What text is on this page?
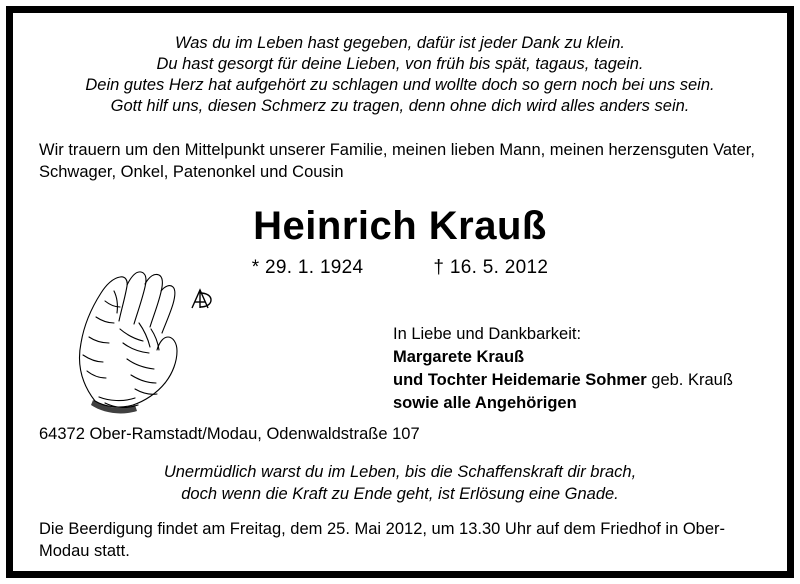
Was du im Leben hast gegeben, dafür ist jeder Dank zu klein.
Du hast gesorgt für deine Lieben, von früh bis spät, tagaus, tagein.
Dein gutes Herz hat aufgehört zu schlagen und wollte doch so gern noch bei uns sein.
Gott hilf uns, diesen Schmerz zu tragen, denn ohne dich wird alles anders sein.
Wir trauern um den Mittelpunkt unserer Familie, meinen lieben Mann, meinen herzensguten Vater, Schwager, Onkel, Patenonkel und Cousin
Heinrich Krauß
* 29. 1. 1924	† 16. 5. 2012
In Liebe und Dankbarkeit:
Margarete Krauß
und Tochter Heidemarie Sohmer geb. Krauß
sowie alle Angehörigen
64372 Ober-Ramstadt/Modau, Odenwaldstraße 107
Unermüdlich warst du im Leben, bis die Schaffenskraft dir brach,
doch wenn die Kraft zu Ende geht, ist Erlösung eine Gnade.
Die Beerdigung findet am Freitag, dem 25. Mai 2012, um 13.30 Uhr auf dem Friedhof in Ober-Modau statt.
